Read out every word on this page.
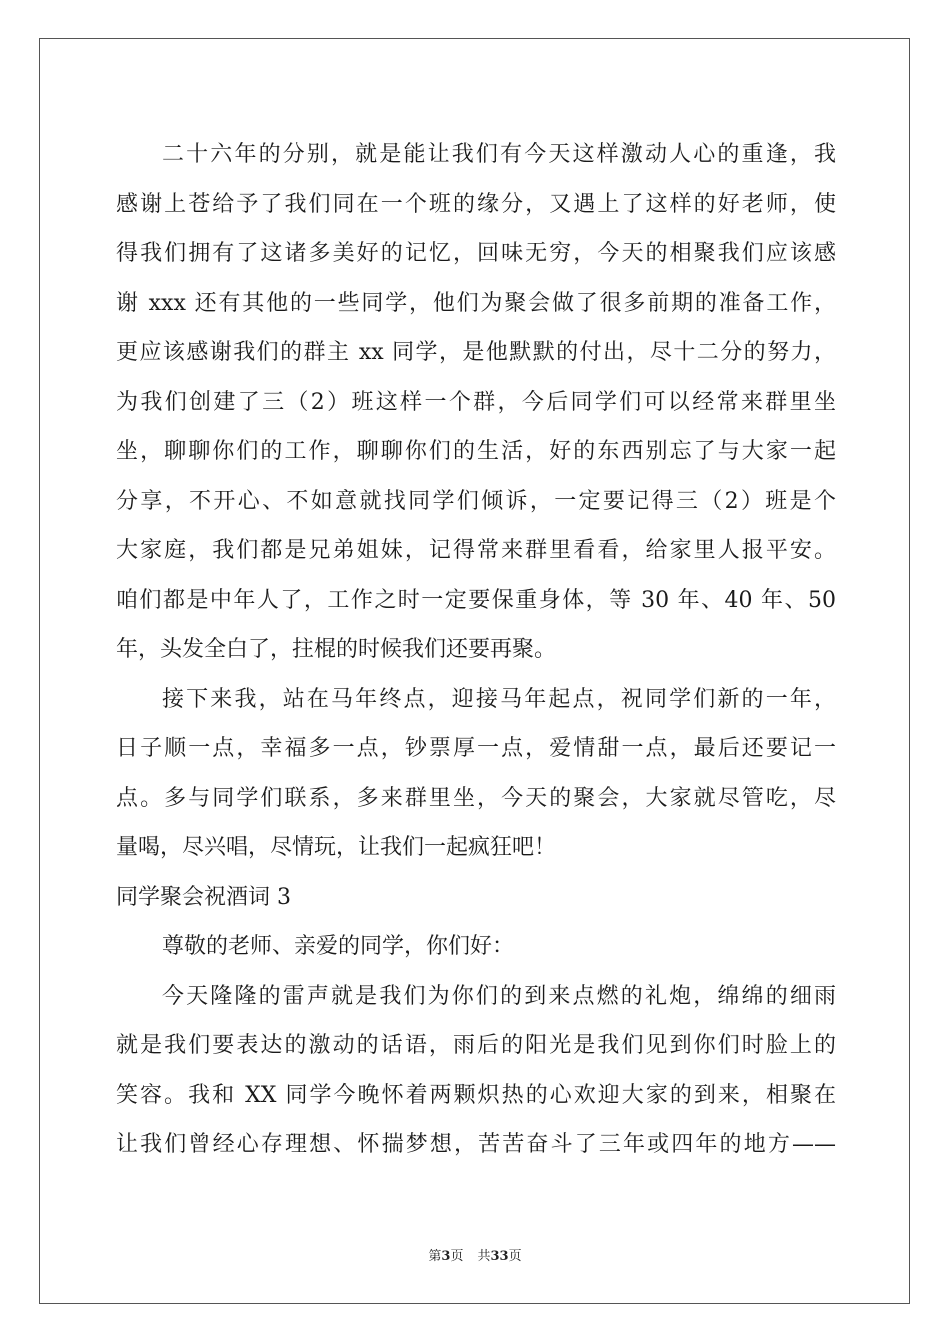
二十六年的分别，就是能让我们有今天这样激动人心的重逢，我
感谢上苍给予了我们同在一个班的缘分，又遇上了这样的好老师，使
得我们拥有了这诸多美好的记忆，回味无穷，今天的相聚我们应该感
谢 xxx 还有其他的一些同学，他们为聚会做了很多前期的准备工作，
更应该感谢我们的群主 xx 同学，是他默默的付出，尽十二分的努力，
为我们创建了三（2）班这样一个群，今后同学们可以经常来群里坐
坐，聊聊你们的工作，聊聊你们的生活，好的东西别忘了与大家一起
分享，不开心、不如意就找同学们倾诉，一定要记得三（2）班是个
大家庭，我们都是兄弟姐妹，记得常来群里看看，给家里人报平安。
咱们都是中年人了，工作之时一定要保重身体，等 30 年、40 年、50
年，头发全白了，拄棍的时候我们还要再聚。
接下来我，站在马年终点，迎接马年起点，祝同学们新的一年，
日子顺一点，幸福多一点，钞票厚一点，爱情甜一点，最后还要记一
点。多与同学们联系，多来群里坐，今天的聚会，大家就尽管吃，尽
量喝，尽兴唱，尽情玩，让我们一起疯狂吧！
同学聚会祝酒词 3
尊敬的老师、亲爱的同学，你们好：
今天隆隆的雷声就是我们为你们的到来点燃的礼炮，绵绵的细雨
就是我们要表达的激动的话语，雨后的阳光是我们见到你们时脸上的
笑容。我和 XX 同学今晚怀着两颗炽热的心欢迎大家的到来，相聚在
让我们曾经心存理想、怀揣梦想，苦苦奋斗了三年或四年的地方——
第3页 共33页
